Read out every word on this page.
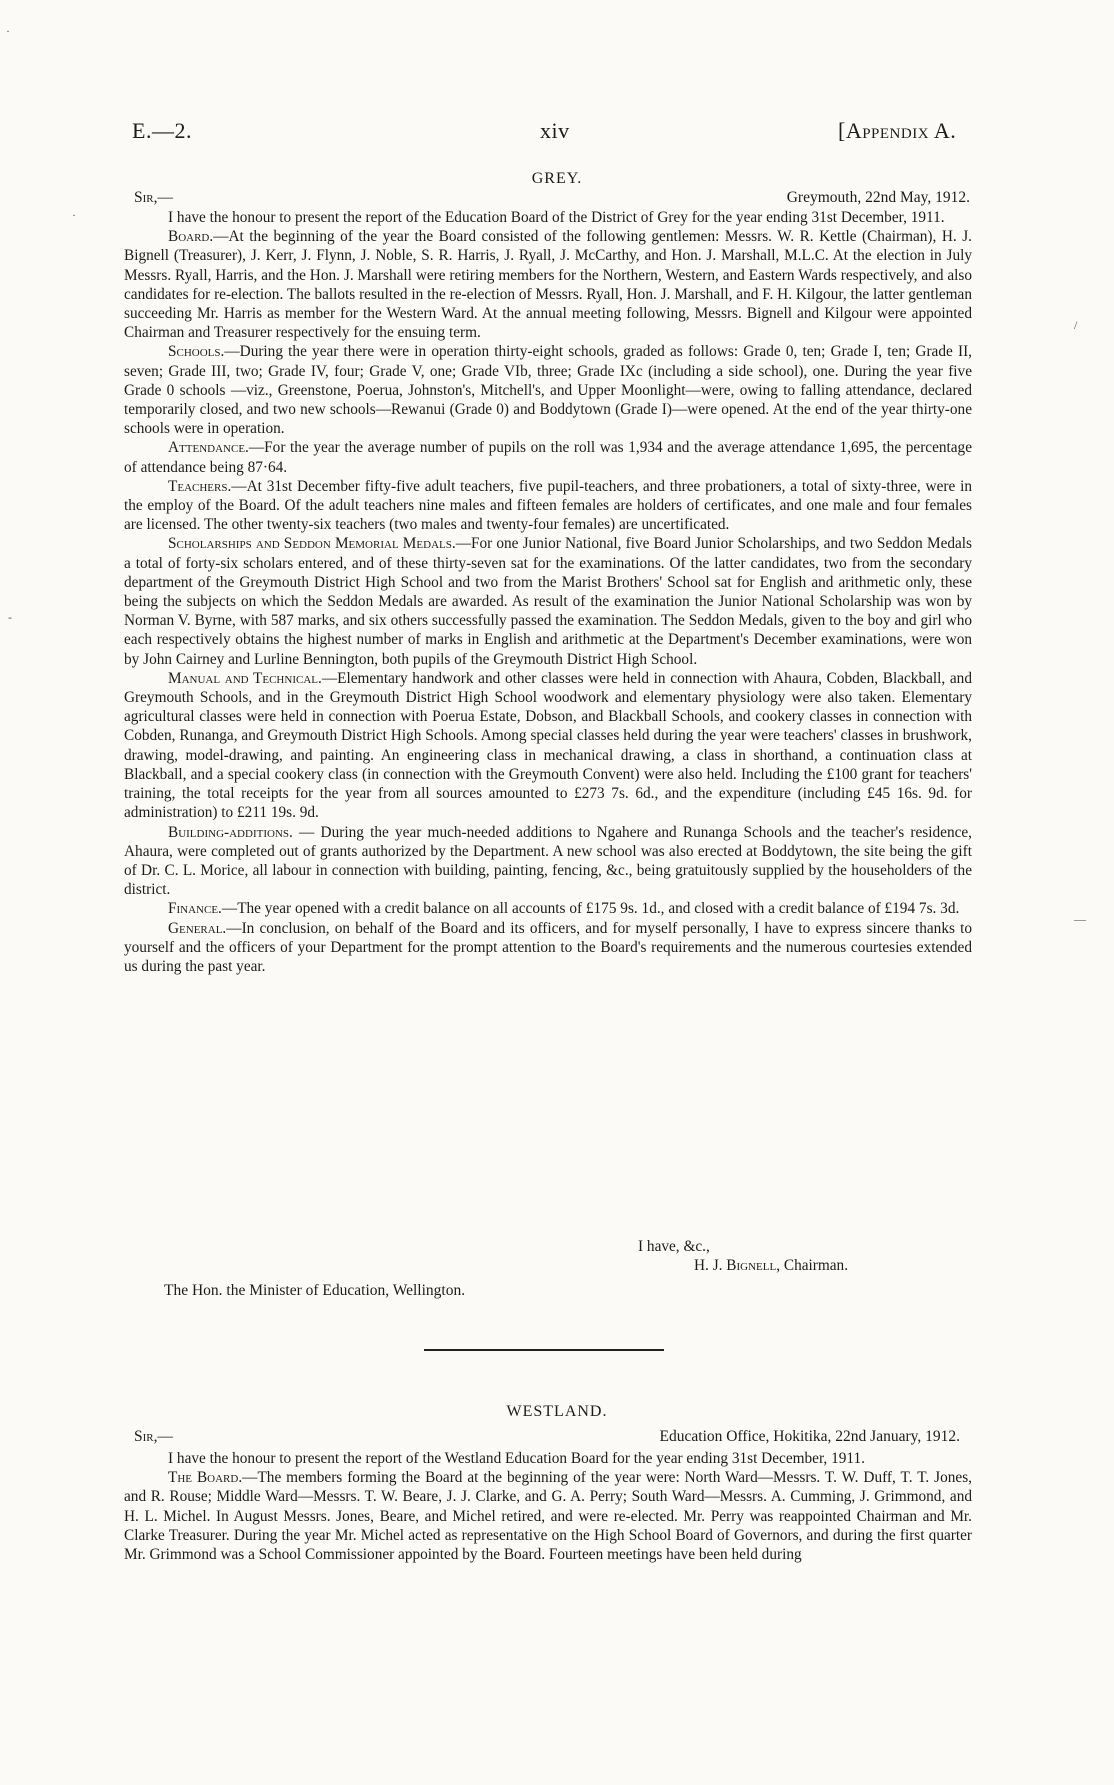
E.—2.	xiv	[Appendix A.
GREY.
Sir,—	Greymouth, 22nd May, 1912.

I have the honour to present the report of the Education Board of the District of Grey for the year ending 31st December, 1911.

Board.—At the beginning of the year the Board consisted of the following gentlemen: Messrs. W. R. Kettle (Chairman), H. J. Bignell (Treasurer), J. Kerr, J. Flynn, J. Noble, S. R. Harris, J. Ryall, J. McCarthy, and Hon. J. Marshall, M.L.C. At the election in July Messrs. Ryall, Harris, and the Hon. J. Marshall were retiring members for the Northern, Western, and Eastern Wards respectively, and also candidates for re-election. The ballots resulted in the re-election of Messrs. Ryall, Hon. J. Marshall, and F. H. Kilgour, the latter gentleman succeeding Mr. Harris as member for the Western Ward. At the annual meeting following, Messrs. Bignell and Kilgour were appointed Chairman and Treasurer respectively for the ensuing term.

Schools.—During the year there were in operation thirty-eight schools, graded as follows: Grade 0, ten; Grade I, ten; Grade II, seven; Grade III, two; Grade IV, four; Grade V, one; Grade VIb, three; Grade IXc (including a side school), one. During the year five Grade 0 schools —viz., Greenstone, Poerua, Johnston's, Mitchell's, and Upper Moonlight—were, owing to falling attendance, declared temporarily closed, and two new schools—Rewanui (Grade 0) and Boddytown (Grade I)—were opened. At the end of the year thirty-one schools were in operation.

Attendance.—For the year the average number of pupils on the roll was 1,934 and the average attendance 1,695, the percentage of attendance being 87·64.

Teachers.—At 31st December fifty-five adult teachers, five pupil-teachers, and three probationers, a total of sixty-three, were in the employ of the Board. Of the adult teachers nine males and fifteen females are holders of certificates, and one male and four females are licensed. The other twenty-six teachers (two males and twenty-four females) are uncertificated.

Scholarships and Seddon Memorial Medals.—For one Junior National, five Board Junior Scholarships, and two Seddon Medals a total of forty-six scholars entered, and of these thirty-seven sat for the examinations. Of the latter candidates, two from the secondary department of the Greymouth District High School and two from the Marist Brothers' School sat for English and arithmetic only, these being the subjects on which the Seddon Medals are awarded. As result of the examination the Junior National Scholarship was won by Norman V. Byrne, with 587 marks, and six others successfully passed the examination. The Seddon Medals, given to the boy and girl who each respectively obtains the highest number of marks in English and arithmetic at the Department's December examinations, were won by John Cairney and Lurline Bennington, both pupils of the Greymouth District High School.

Manual and Technical.—Elementary handwork and other classes were held in connection with Ahaura, Cobden, Blackball, and Greymouth Schools, and in the Greymouth District High School woodwork and elementary physiology were also taken. Elementary agricultural classes were held in connection with Poerua Estate, Dobson, and Blackball Schools, and cookery classes in connection with Cobden, Runanga, and Greymouth District High Schools. Among special classes held during the year were teachers' classes in brushwork, drawing, model-drawing, and painting. An engineering class in mechanical drawing, a class in shorthand, a continuation class at Blackball, and a special cookery class (in connection with the Greymouth Convent) were also held. Including the £100 grant for teachers' training, the total receipts for the year from all sources amounted to £273 7s. 6d., and the expenditure (including £45 16s. 9d. for administration) to £211 19s. 9d.

Building-additions. — During the year much-needed additions to Ngahere and Runanga Schools and the teacher's residence, Ahaura, were completed out of grants authorized by the Department. A new school was also erected at Boddytown, the site being the gift of Dr. C. L. Morice, all labour in connection with building, painting, fencing, &c., being gratuitously supplied by the householders of the district.

Finance.—The year opened with a credit balance on all accounts of £175 9s. 1d., and closed with a credit balance of £194 7s. 3d.

General.—In conclusion, on behalf of the Board and its officers, and for myself personally, I have to express sincere thanks to yourself and the officers of your Department for the prompt attention to the Board's requirements and the numerous courtesies extended us during the past year.

I have, &c.,
H. J. Bignell, Chairman.
The Hon. the Minister of Education, Wellington.
WESTLAND.
Sir,—	Education Office, Hokitika, 22nd January, 1912.

I have the honour to present the report of the Westland Education Board for the year ending 31st December, 1911.

The Board.—The members forming the Board at the beginning of the year were: North Ward—Messrs. T. W. Duff, T. T. Jones, and R. Rouse; Middle Ward—Messrs. T. W. Beare, J. J. Clarke, and G. A. Perry; South Ward—Messrs. A. Cumming, J. Grimmond, and H. L. Michel. In August Messrs. Jones, Beare, and Michel retired, and were re-elected. Mr. Perry was reappointed Chairman and Mr. Clarke Treasurer. During the year Mr. Michel acted as representative on the High School Board of Governors, and during the first quarter Mr. Grimmond was a School Commissioner appointed by the Board. Fourteen meetings have been held during

·
·
/
—
-
